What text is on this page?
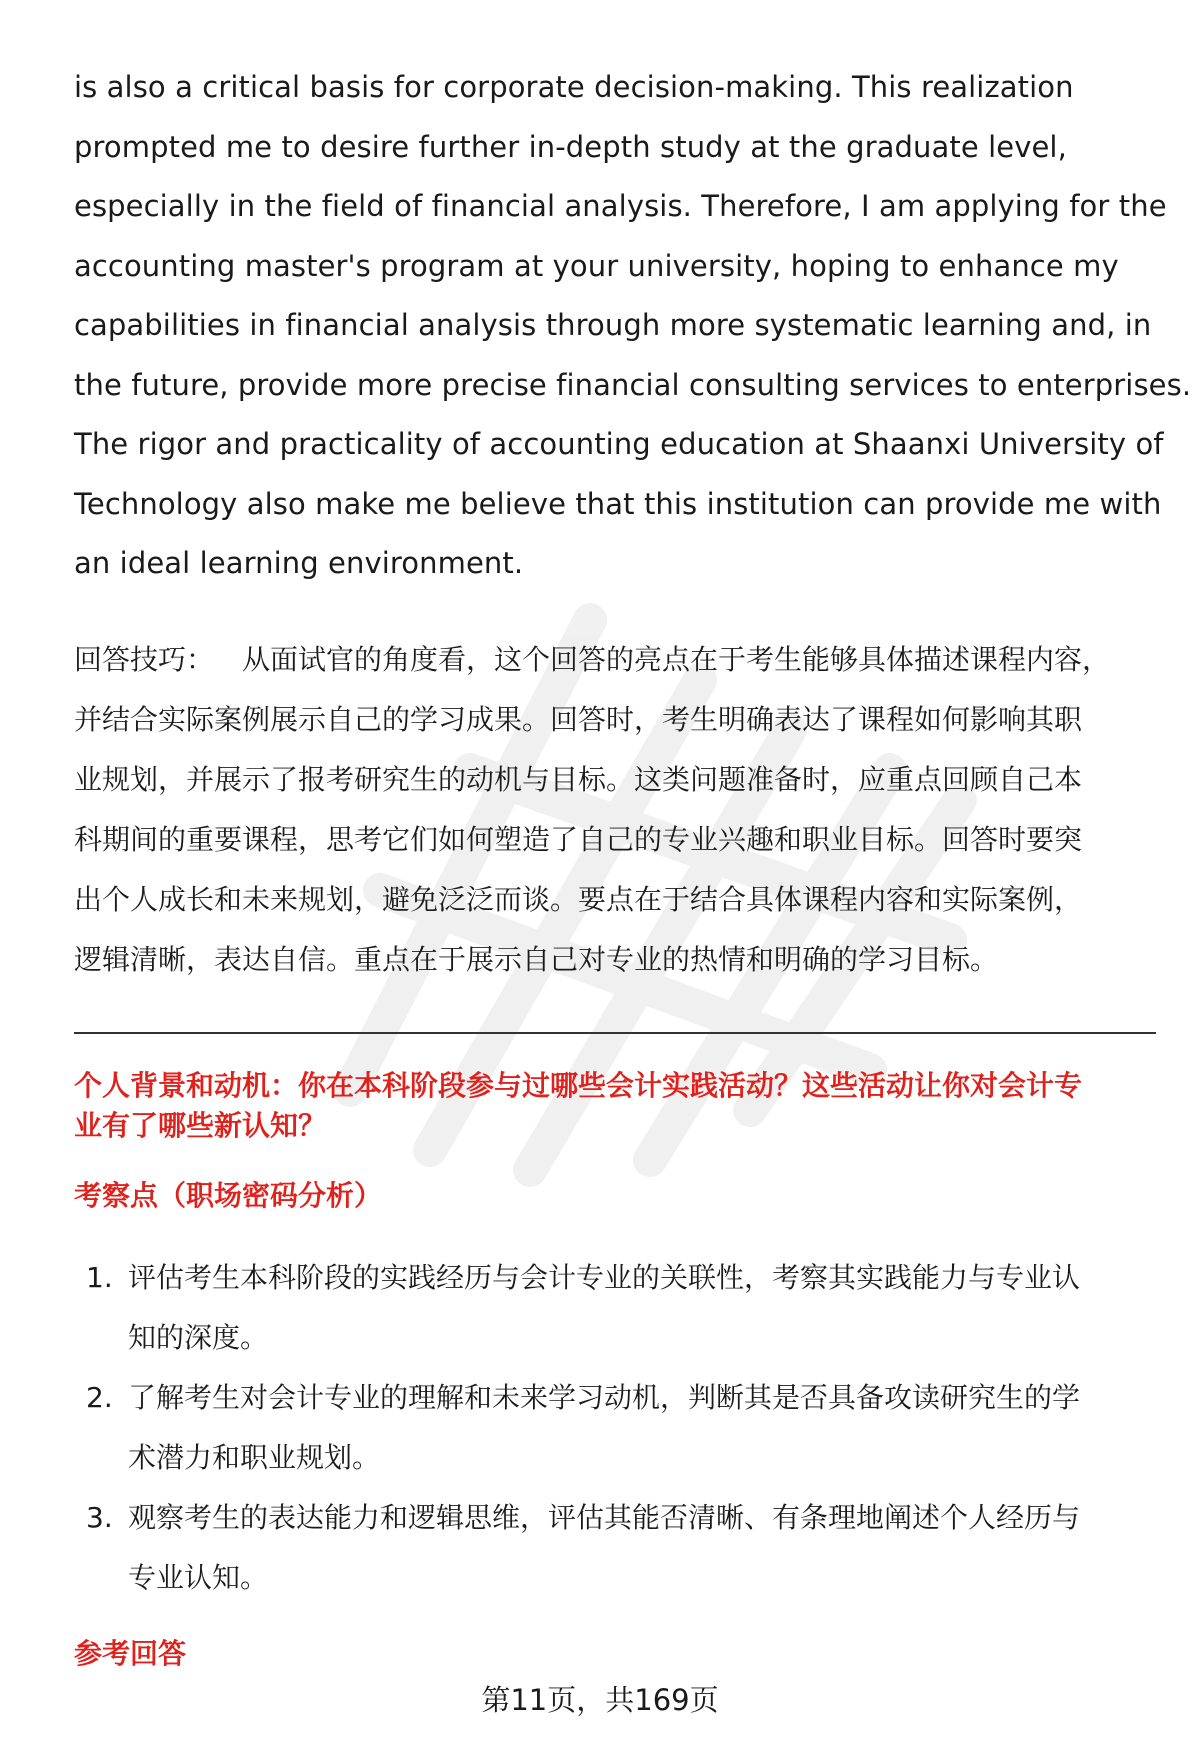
is also a critical basis for corporate decision-making. This realization
prompted me to desire further in-depth study at the graduate level,
especially in the field of financial analysis. Therefore, I am applying for the
accounting master's program at your university, hoping to enhance my
capabilities in financial analysis through more systematic learning and, in
the future, provide more precise financial consulting services to enterprises.
The rigor and practicality of accounting education at Shaanxi University of
Technology also make me believe that this institution can provide me with
an ideal learning environment.

回答技巧： 从面试官的角度看，这个回答的亮点在于考生能够具体描述课程内容，
并结合实际案例展示自己的学习成果。回答时，考生明确表达了课程如何影响其职
业规划，并展示了报考研究生的动机与目标。这类问题准备时，应重点回顾自己本
科期间的重要课程，思考它们如何塑造了自己的专业兴趣和职业目标。回答时要突
出个人成长和未来规划，避免泛泛而谈。要点在于结合具体课程内容和实际案例，
逻辑清晰，表达自信。重点在于展示自己对专业的热情和明确的学习目标。

个人背景和动机：你在本科阶段参与过哪些会计实践活动？这些活动让你对会计专
业有了哪些新认知？
考察点（职场密码分析）
1. 评估考生本科阶段的实践经历与会计专业的关联性，考察其实践能力与专业认
知的深度。
2. 了解考生对会计专业的理解和未来学习动机，判断其是否具备攻读研究生的学
术潜力和职业规划。
3. 观察考生的表达能力和逻辑思维，评估其能否清晰、有条理地阐述个人经历与
专业认知。
参考回答
第11页，共169页
